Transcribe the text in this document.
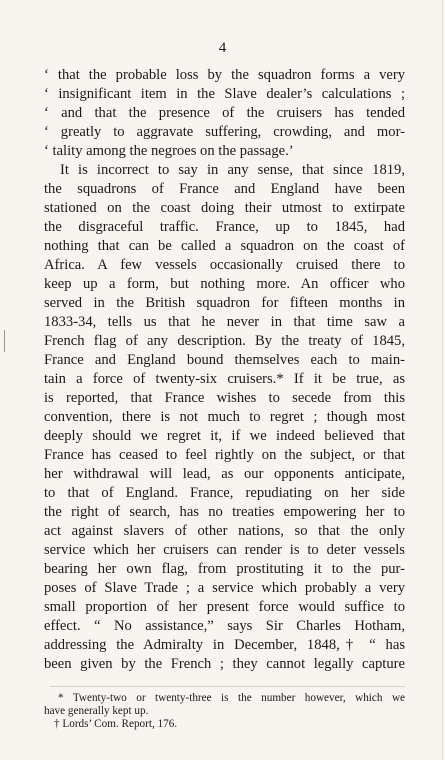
4
‘ that the probable loss by the squadron forms a very
‘ insignificant item in the Slave dealer’s calculations ;
‘ and that the presence of the cruisers has tended
‘ greatly to aggravate suffering, crowding, and mor-
‘ tality among the negroes on the passage.’
It is incorrect to say in any sense, that since 1819,
the squadrons of France and England have been
stationed on the coast doing their utmost to extirpate
the disgraceful traffic. France, up to 1845, had
nothing that can be called a squadron on the coast of
Africa. A few vessels occasionally cruised there to
keep up a form, but nothing more. An officer who
served in the British squadron for fifteen months in
1833-34, tells us that he never in that time saw a
French flag of any description. By the treaty of 1845,
France and England bound themselves each to main-
tain a force of twenty-six cruisers.* If it be true, as
is reported, that France wishes to secede from this
convention, there is not much to regret ; though most
deeply should we regret it, if we indeed believed that
France has ceased to feel rightly on the subject, or that
her withdrawal will lead, as our opponents anticipate,
to that of England. France, repudiating on her side
the right of search, has no treaties empowering her to
act against slavers of other nations, so that the only
service which her cruisers can render is to deter vessels
bearing her own flag, from prostituting it to the pur-
poses of Slave Trade ; a service which probably a very
small proportion of her present force would suffice to
effect. “ No assistance,” says Sir Charles Hotham,
addressing the Admiralty in December, 1848,† “ has
been given by the French ; they cannot legally capture
* Twenty-two or twenty-three is the number however, which we
have generally kept up.
† Lords’ Com. Report, 176.
